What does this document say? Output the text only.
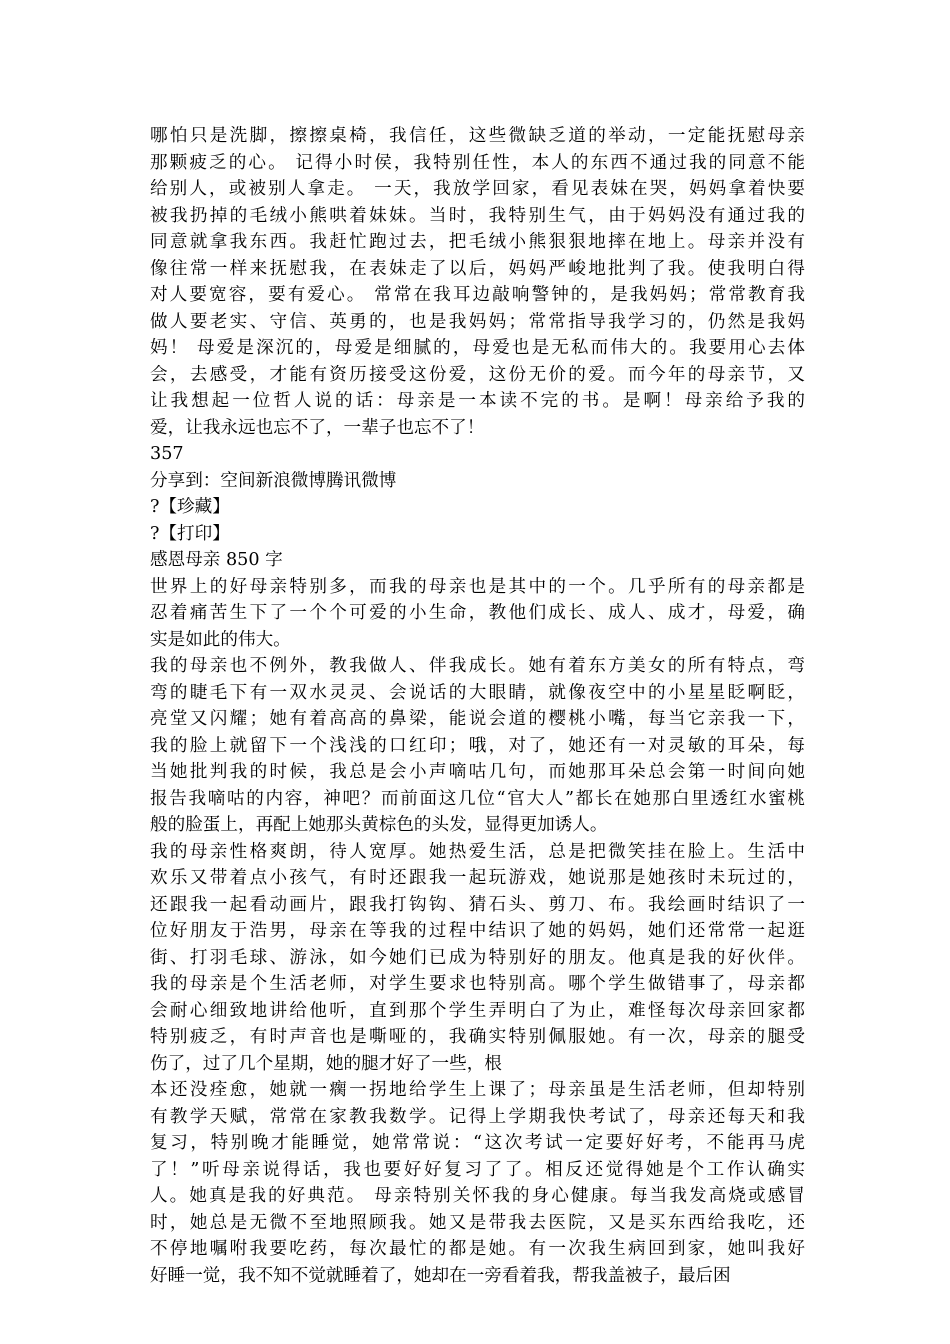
哪怕只是洗脚，擦擦桌椅，我信任，这些微缺乏道的举动，一定能抚慰母亲
那颗疲乏的心。 记得小时侯，我特别任性，本人的东西不通过我的同意不能
给别人，或被别人拿走。 一天，我放学回家，看见表妹在哭，妈妈拿着快要
被我扔掉的毛绒小熊哄着妹妹。当时，我特别生气，由于妈妈没有通过我的
同意就拿我东西。我赶忙跑过去，把毛绒小熊狠狠地摔在地上。母亲并没有
像往常一样来抚慰我，在表妹走了以后，妈妈严峻地批判了我。使我明白得
对人要宽容，要有爱心。 常常在我耳边敲响警钟的，是我妈妈；常常教育我
做人要老实、守信、英勇的，也是我妈妈；常常指导我学习的，仍然是我妈
妈！ 母爱是深沉的，母爱是细腻的，母爱也是无私而伟大的。我要用心去体
会，去感受，才能有资历接受这份爱，这份无价的爱。而今年的母亲节，又
让我想起一位哲人说的话：母亲是一本读不完的书。是啊！母亲给予我的
爱，让我永远也忘不了，一辈子也忘不了！
357
分享到：空间新浪微博腾讯微博
?【珍藏】
?【打印】
感恩母亲 850 字
世界上的好母亲特别多，而我的母亲也是其中的一个。几乎所有的母亲都是
忍着痛苦生下了一个个可爱的小生命，教他们成长、成人、成才，母爱，确
实是如此的伟大。
我的母亲也不例外，教我做人、伴我成长。她有着东方美女的所有特点，弯
弯的睫毛下有一双水灵灵、会说话的大眼睛，就像夜空中的小星星眨啊眨，
亮堂又闪耀；她有着高高的鼻梁，能说会道的樱桃小嘴，每当它亲我一下，
我的脸上就留下一个浅浅的口红印；哦，对了，她还有一对灵敏的耳朵，每
当她批判我的时候，我总是会小声嘀咕几句，而她那耳朵总会第一时间向她
报告我嘀咕的内容，神吧？而前面这几位“官大人”都长在她那白里透红水蜜桃
般的脸蛋上，再配上她那头黄棕色的头发，显得更加诱人。
我的母亲性格爽朗，待人宽厚。她热爱生活，总是把微笑挂在脸上。生活中
欢乐又带着点小孩气，有时还跟我一起玩游戏，她说那是她孩时未玩过的，
还跟我一起看动画片，跟我打钩钩、猜石头、剪刀、布。我绘画时结识了一
位好朋友于浩男，母亲在等我的过程中结识了她的妈妈，她们还常常一起逛
街、打羽毛球、游泳，如今她们已成为特别好的朋友。他真是我的好伙伴。
我的母亲是个生活老师，对学生要求也特别高。哪个学生做错事了，母亲都
会耐心细致地讲给他听，直到那个学生弄明白了为止，难怪每次母亲回家都
特别疲乏，有时声音也是嘶哑的，我确实特别佩服她。有一次，母亲的腿受
伤了，过了几个星期，她的腿才好了一些，根
本还没痊愈，她就一瘸一拐地给学生上课了；母亲虽是生活老师，但却特别
有教学天赋，常常在家教我数学。记得上学期我快考试了，母亲还每天和我
复习，特别晚才能睡觉，她常常说：“这次考试一定要好好考，不能再马虎
了！”听母亲说得话，我也要好好复习了了。相反还觉得她是个工作认确实
人。她真是我的好典范。 母亲特别关怀我的身心健康。每当我发高烧或感冒
时，她总是无微不至地照顾我。她又是带我去医院，又是买东西给我吃，还
不停地嘱咐我要吃药，每次最忙的都是她。有一次我生病回到家，她叫我好
好睡一觉，我不知不觉就睡着了，她却在一旁看着我，帮我盖被子，最后困
